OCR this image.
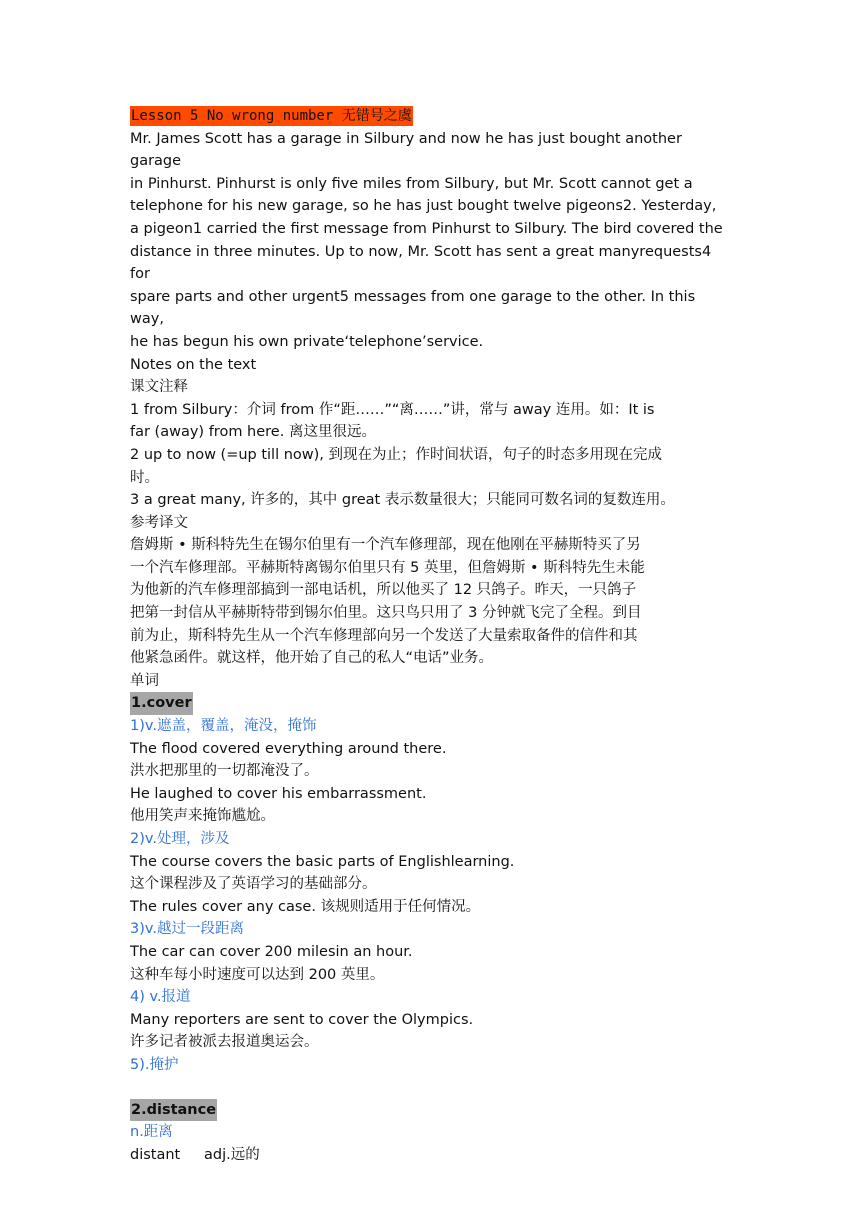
Lesson 5 No wrong number 无错号之虞

Mr. James Scott has a garage in Silbury and now he has just bought another garage

in Pinhurst. Pinhurst is only five miles from Silbury, but Mr. Scott cannot get a

telephone for his new garage, so he has just bought twelve pigeons2. Yesterday,

a pigeon1 carried the first message from Pinhurst to Silbury. The bird covered the

distance in three minutes. Up to now, Mr. Scott has sent a great manyrequests4 for

spare parts and other urgent5 messages from one garage to the other. In this way,

he has begun his own private‘telephone’service.

Notes on the text

课文注释

1 from Silbury：介词 from 作“距……”“离……”讲，常与 away 连用。如：It is

far (away) from here. 离这里很远。

2 up to now (=up till now), 到现在为止；作时间状语，句子的时态多用现在完成

时。

3 a great many, 许多的，其中 great 表示数量很大；只能同可数名词的复数连用。

参考译文

詹姆斯 • 斯科特先生在锡尔伯里有一个汽车修理部，现在他刚在平赫斯特买了另

一个汽车修理部。平赫斯特离锡尔伯里只有 5 英里，但詹姆斯 • 斯科特先生未能

为他新的汽车修理部搞到一部电话机，所以他买了 12 只鸽子。昨天，一只鸽子

把第一封信从平赫斯特带到锡尔伯里。这只鸟只用了 3 分钟就飞完了全程。到目

前为止，斯科特先生从一个汽车修理部向另一个发送了大量索取备件的信件和其

他紧急函件。就这样，他开始了自己的私人“电话”业务。

单词

1.cover

1)v.遮盖，覆盖，淹没，掩饰

The flood covered everything around there.

洪水把那里的一切都淹没了。

He laughed to cover his embarrassment.

他用笑声来掩饰尴尬。

2)v.处理，涉及

The course covers the basic parts of Englishlearning.

这个课程涉及了英语学习的基础部分。

The rules cover any case. 该规则适用于任何情况。

3)v.越过一段距离

The car can cover 200 milesin an hour.

这种车每小时速度可以达到 200 英里。

4) v.报道

Many reporters are sent to cover the Olympics.

许多记者被派去报道奥运会。

5).掩护

2.distance

n.距离

distant adj.远的
